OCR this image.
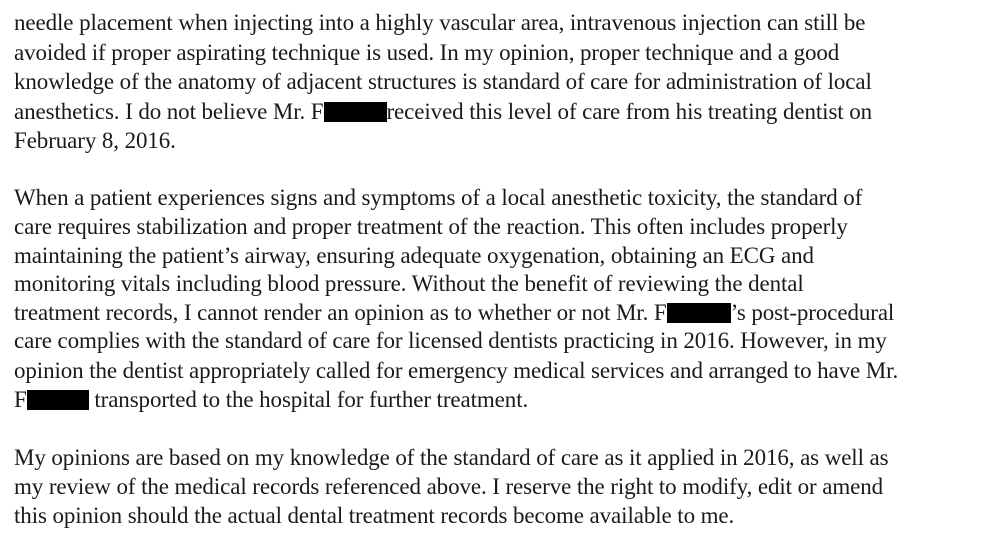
needle placement when injecting into a highly vascular area, intravenous injection can still be
avoided if proper aspirating technique is used. In my opinion, proper technique and a good
knowledge of the anatomy of adjacent structures is standard of care for administration of local
anesthetics. I do not believe Mr. F	received this level of care from his treating dentist on
February 8, 2016.
When a patient experiences signs and symptoms of a local anesthetic toxicity, the standard of
care requires stabilization and proper treatment of the reaction. This often includes properly
maintaining the patient’s airway, ensuring adequate oxygenation, obtaining an ECG and
monitoring vitals including blood pressure. Without the benefit of reviewing the dental
treatment records, I cannot render an opinion as to whether or not Mr. F	’s post-procedural
care complies with the standard of care for licensed dentists practicing in 2016. However, in my
opinion the dentist appropriately called for emergency medical services and arranged to have Mr.
F	transported to the hospital for further treatment.
My opinions are based on my knowledge of the standard of care as it applied in 2016, as well as
my review of the medical records referenced above. I reserve the right to modify, edit or amend
this opinion should the actual dental treatment records become available to me.
